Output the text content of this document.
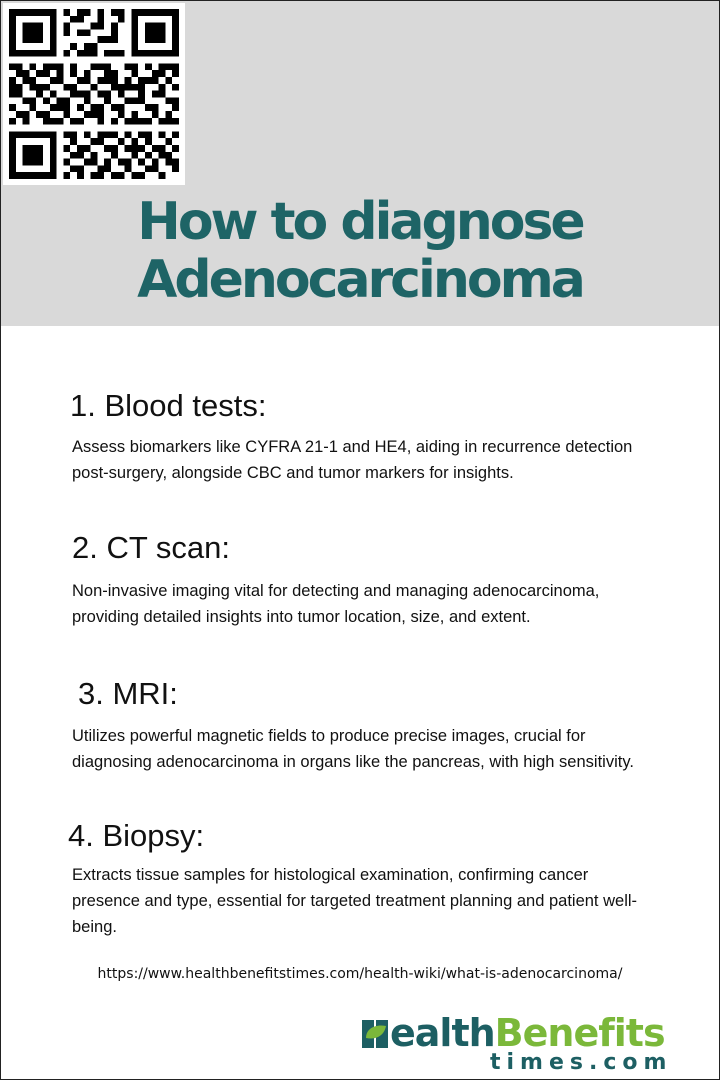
How to diagnose
Adenocarcinoma
1. Blood tests:
Assess biomarkers like CYFRA 21-1 and HE4, aiding in recurrence detection post-surgery, alongside CBC and tumor markers for insights.
2. CT scan:
Non-invasive imaging vital for detecting and managing adenocarcinoma, providing detailed insights into tumor location, size, and extent.
3. MRI:
Utilizes powerful magnetic fields to produce precise images, crucial for diagnosing adenocarcinoma in organs like the pancreas, with high sensitivity.
4. Biopsy:
Extracts tissue samples for histological examination, confirming cancer presence and type, essential for targeted treatment planning and patient well-being.
https://www.healthbenefitstimes.com/health-wiki/what-is-adenocarcinoma/
ealthBenefits
times.com
